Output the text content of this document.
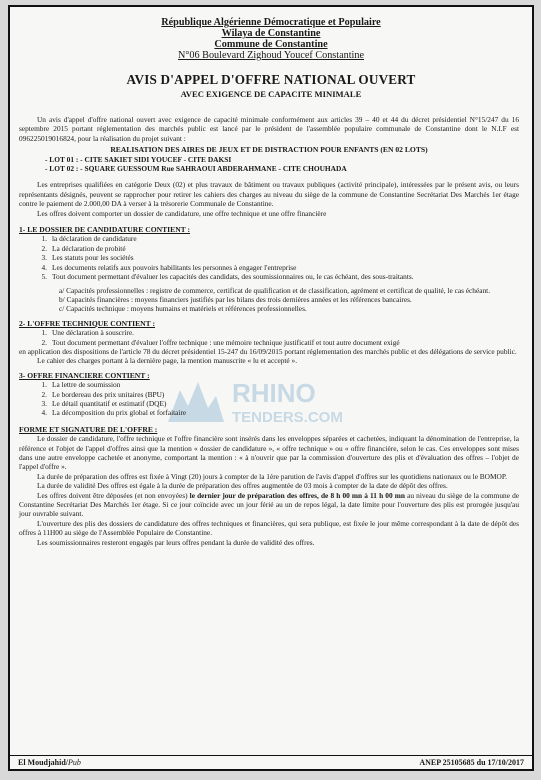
République Algérienne Démocratique et Populaire
Wilaya de Constantine
Commune de Constantine
N°06 Boulevard Zighoud Youcef Constantine
AVIS D'APPEL D'OFFRE NATIONAL OUVERT
AVEC EXIGENCE DE CAPACITE MINIMALE
RHINO
TENDERS.COM

Un avis d'appel d'offre national ouvert avec exigence de capacité minimale conformément aux articles 39 – 40 et 44 du décret présidentiel N°15/247 du 16 septembre 2015 portant réglementation des marchés public est lancé par le président de l'assemblée populaire communale de Constantine dont le N.I.F est 096225019016824, pour la réalisation du projet suivant :

REALISATION DES AIRES DE JEUX ET DE DISTRACTION POUR ENFANTS (EN 02 LOTS)

- LOT 01 : - CITE SAKIET SIDI YOUCEF - CITE DAKSI
- LOT 02 : - SQUARE GUESSOUM Rue SAHRAOUI ABDERAHMANE - CITE CHOUHADA

Les entreprises qualifiées en catégorie Deux (02) et plus travaux de bâtiment ou travaux publiques (activité principale), intéressées par le présent avis, ou leurs représentants désignés, peuvent se rapprocher pour retirer les cahiers des charges au niveau du siège de la commune de Constantine Secrétariat Des Marchés 1er étage contre le paiement de 2.000,00 DA à verser à la trésorerie Communale de Constantine.

Les offres doivent comporter un dossier de candidature, une offre technique et une offre financière

1- LE DOSSIER DE CANDIDATURE CONTIENT :
1. la déclaration de candidature
2. La déclaration de probité
3. Les statuts pour les sociétés
4. Les documents relatifs aux pouvoirs habilitants les personnes à engager l'entreprise
5. Tout document permettant d'évaluer les capacités des candidats, des soumissionnaires ou, le cas échéant, des sous-traitants.

a/ Capacités professionnelles : registre de commerce, certificat de qualification et de classification, agrément et certificat de qualité, le cas échéant.

b/ Capacités financières : moyens financiers justifiés par les bilans des trois dernières années et les références bancaires.

c/ Capacités technique : moyens humains et matériels et références professionnelles.

2- L'OFFRE TECHNIQUE CONTIENT :
1. Une déclaration à souscrire.
2. Tout document permettant d'évaluer l'offre technique : une mémoire technique justificatif et tout autre document exigé

en application des dispositions de l'article 78 du décret présidentiel 15-247 du 16/09/2015 portant réglementation des marchés public et des délégations de service public.

Le cahier des charges portant à la dernière page, la mention manuscrite « lu et accepté ».

3- OFFRE FINANCIERE CONTIENT :
1. La lettre de soumission
2. Le bordereau des prix unitaires (BPU)
3. Le détail quantitatif et estimatif (DQE)
4. La décomposition du prix global et forfaitaire
FORME ET SIGNATURE DE L'OFFRE :

Le dossier de candidature, l'offre technique et l'offre financière sont insérés dans les enveloppes séparées et cachetées, indiquant la dénomination de l'entreprise, la référence et l'objet de l'appel d'offres ainsi que la mention « dossier de candidature », « offre technique » ou « offre financière, selon le cas. Ces enveloppes sont mises dans une autre enveloppe cachetée et anonyme, comportant la mention : « à n'ouvrir que par la commission d'ouverture des plis et d'évaluation des offres – l'objet de l'appel d'offre ».

La durée de préparation des offres est fixée à Vingt (20) jours à compter de la 1ère parution de l'avis d'appel d'offres sur les quotidiens nationaux ou le BOMOP.

La durée de validité Des offres est égale à la durée de préparation des offres augmentée de 03 mois à compter de la date de dépôt des offres.

Les offres doivent être déposées (et non envoyées) le dernier jour de préparation des offres, de 8 h 00 mn à 11 h 00 mn au niveau du siège de la commune de Constantine Secrétariat Des Marchés 1er étage. Si ce jour coïncide avec un jour férié au un de repos légal, la date limite pour l'ouverture des plis est prorogée jusqu'au jour ouvrable suivant.

L'ouverture des plis des dossiers de candidature des offres techniques et financières, qui sera publique, est fixée le jour même correspondant à la date de dépôt des offres à 11H00 au siège de l'Assemblée Populaire de Constantine.

Les soumissionnaires resteront engagés par leurs offres pendant la durée de validité des offres.

El Moudjahid/Pub	ANEP 25105685 du 17/10/2017
